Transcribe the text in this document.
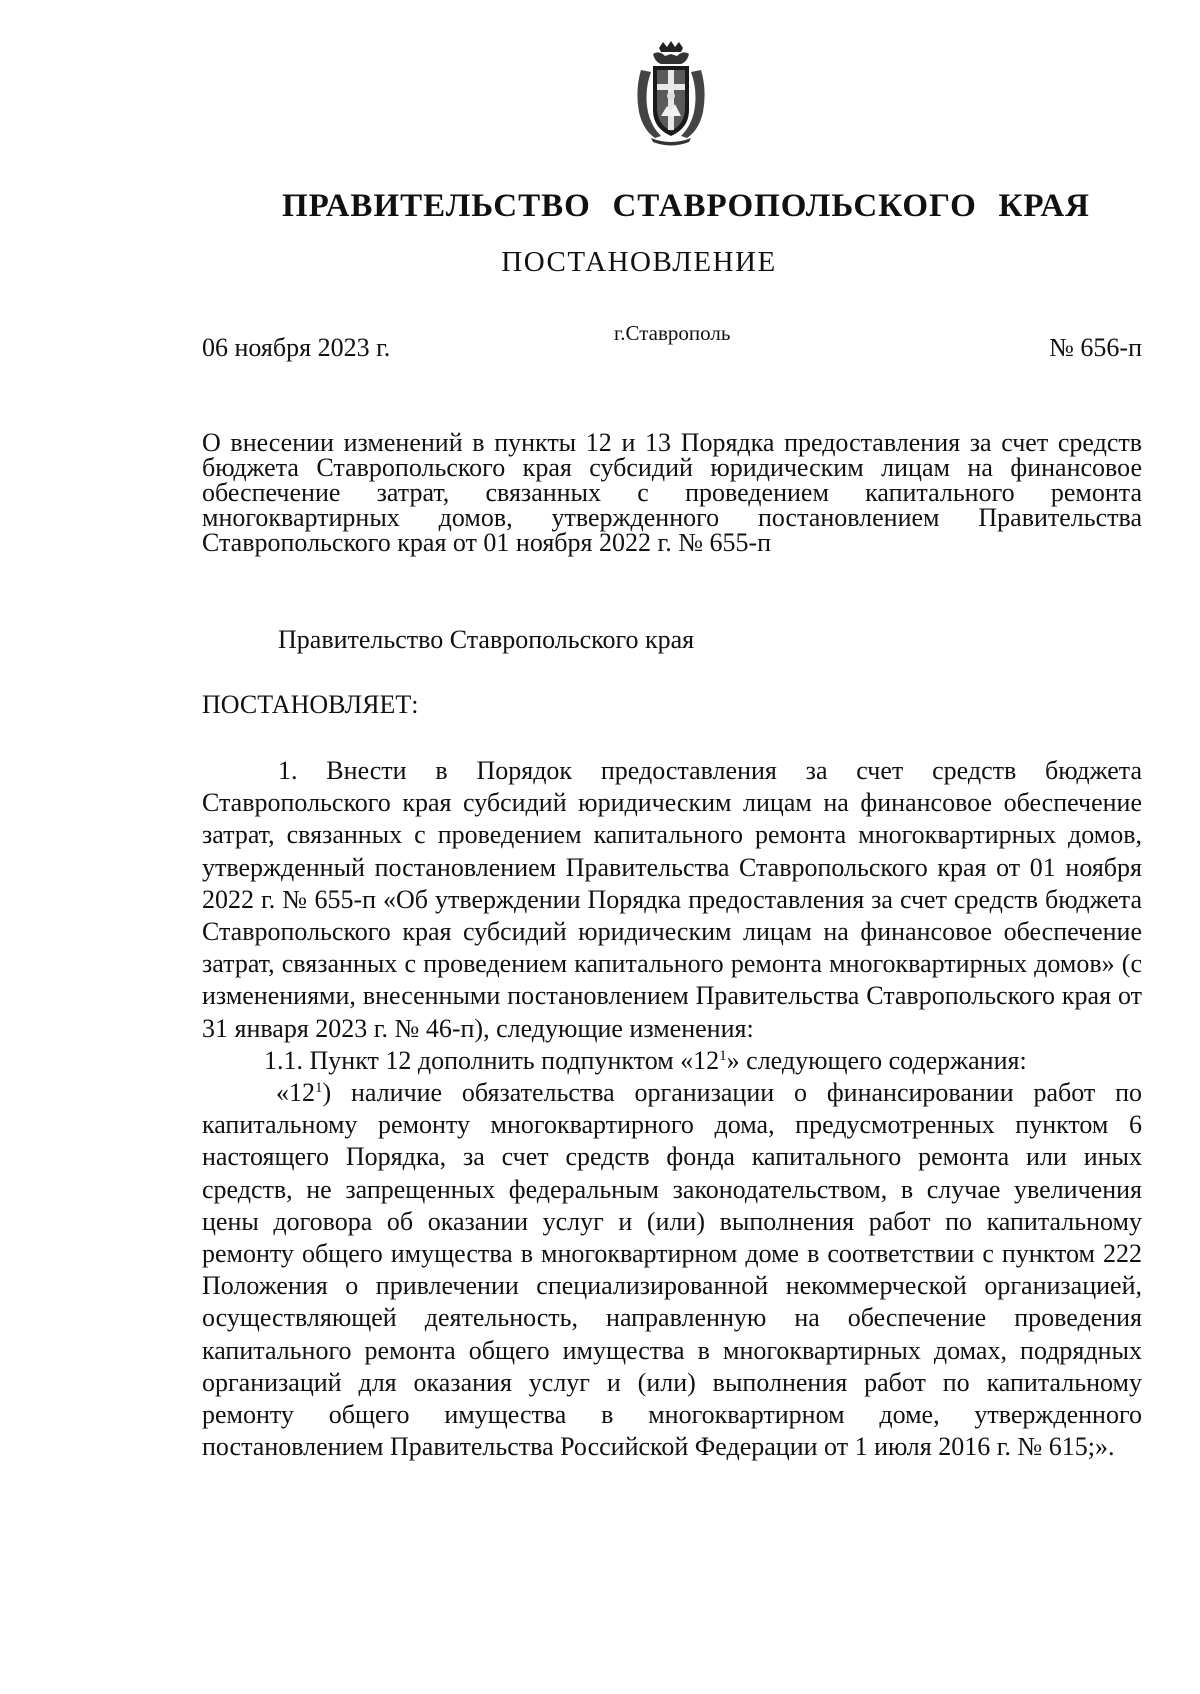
ПРАВИТЕЛЬСТВО СТАВРОПОЛЬСКОГО КРАЯ
ПОСТАНОВЛЕНИЕ
06 ноября 2023 г.	г.Ставрополь	№ 656-п
О внесении изменений в пункты 12 и 13 Порядка предоставления за счет средств бюджета Ставропольского края субсидий юридическим лицам на финансовое обеспечение затрат, связанных с проведением капитального ремонта многоквартирных домов, утвержденного постановлением Правительства Ставропольского края от 01 ноября 2022 г. № 655-п
Правительство Ставропольского края
ПОСТАНОВЛЯЕТ:

1. Внести в Порядок предоставления за счет средств бюджета Ставропольского края субсидий юридическим лицам на финансовое обеспечение затрат, связанных с проведением капитального ремонта многоквартирных домов, утвержденный постановлением Правительства Ставропольского края от 01 ноября 2022 г. № 655-п «Об утверждении Порядка предоставления за счет средств бюджета Ставропольского края субсидий юридическим лицам на финансовое обеспечение затрат, связанных с проведением капитального ремонта многоквартирных домов» (с изменениями, внесенными постановлением Правительства Ставропольского края от 31 января 2023 г. № 46-п), следующие изменения:

1.1. Пункт 12 дополнить подпунктом «$12^1$» следующего содержания:

«$12^1$) наличие обязательства организации о финансировании работ по капитальному ремонту многоквартирного дома, предусмотренных пунктом 6 настоящего Порядка, за счет средств фонда капитального ремонта или иных средств, не запрещенных федеральным законодательством, в случае увеличения цены договора об оказании услуг и (или) выполнения работ по капитальному ремонту общего имущества в многоквартирном доме в соответствии с пунктом 222 Положения о привлечении специализированной некоммерческой организацией, осуществляющей деятельность, направленную на обеспечение проведения капитального ремонта общего имущества в многоквартирных домах, подрядных организаций для оказания услуг и (или) выполнения работ по капитальному ремонту общего имущества в многоквартирном доме, утвержденного постановлением Правительства Российской Федерации от 1 июля 2016 г. № 615;».
